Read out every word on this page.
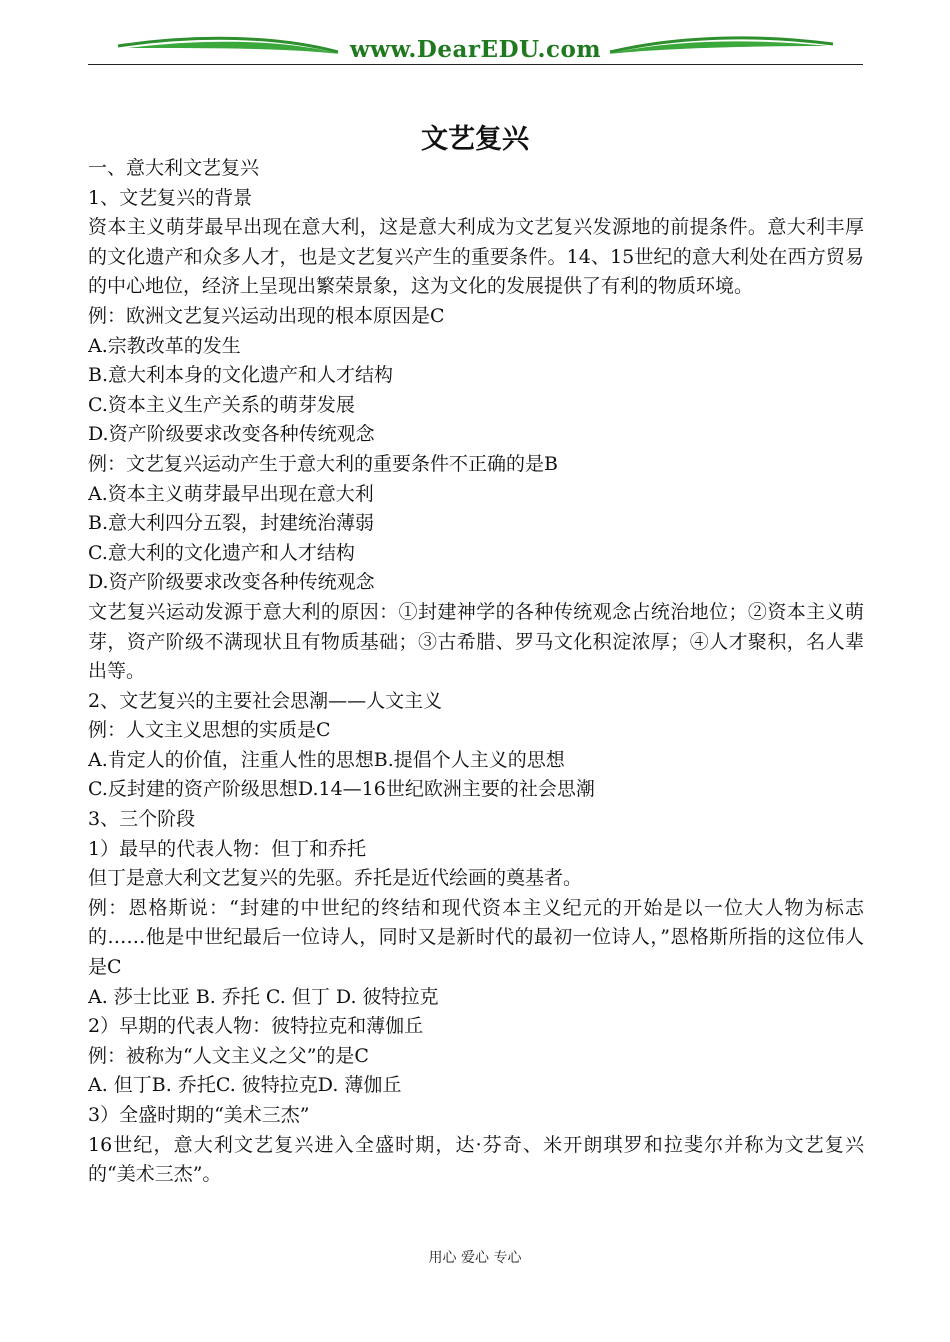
www.DearEDU.com
文艺复兴
一、意大利文艺复兴
1、文艺复兴的背景
资本主义萌芽最早出现在意大利，这是意大利成为文艺复兴发源地的前提条件。意大利丰厚的文化遗产和众多人才，也是文艺复兴产生的重要条件。14、15世纪的意大利处在西方贸易的中心地位，经济上呈现出繁荣景象，这为文化的发展提供了有利的物质环境。
例：欧洲文艺复兴运动出现的根本原因是C
A.宗教改革的发生
B.意大利本身的文化遗产和人才结构
C.资本主义生产关系的萌芽发展
D.资产阶级要求改变各种传统观念
例：文艺复兴运动产生于意大利的重要条件不正确的是B
A.资本主义萌芽最早出现在意大利
B.意大利四分五裂，封建统治薄弱
C.意大利的文化遗产和人才结构
D.资产阶级要求改变各种传统观念
文艺复兴运动发源于意大利的原因：①封建神学的各种传统观念占统治地位；②资本主义萌芽，资产阶级不满现状且有物质基础；③古希腊、罗马文化积淀浓厚；④人才聚积，名人辈出等。
2、文艺复兴的主要社会思潮——人文主义
例：人文主义思想的实质是C
A.肯定人的价值，注重人性的思想B.提倡个人主义的思想
C.反封建的资产阶级思想D.14—16世纪欧洲主要的社会思潮
3、三个阶段
1）最早的代表人物：但丁和乔托
但丁是意大利文艺复兴的先驱。乔托是近代绘画的奠基者。
例：恩格斯说：“封建的中世纪的终结和现代资本主义纪元的开始是以一位大人物为标志的……他是中世纪最后一位诗人，同时又是新时代的最初一位诗人，”恩格斯所指的这位伟人是C
A. 莎士比亚 B. 乔托 C. 但丁 D. 彼特拉克
2）早期的代表人物：彼特拉克和薄伽丘
例：被称为“人文主义之父”的是C
A. 但丁B. 乔托C. 彼特拉克D. 薄伽丘
3）全盛时期的“美术三杰”
16世纪，意大利文艺复兴进入全盛时期，达·芬奇、米开朗琪罗和拉斐尔并称为文艺复兴的“美术三杰”。
用心 爱心 专心
